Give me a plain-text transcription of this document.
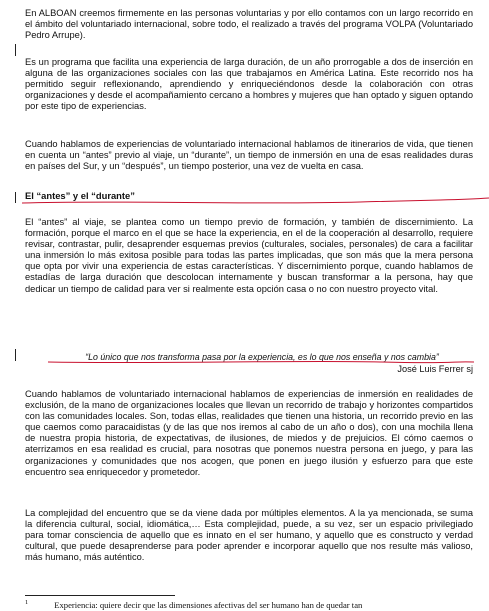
En ALBOAN creemos firmemente en las personas voluntarias y por ello contamos con un largo recorrido en el ámbito del voluntariado internacional, sobre todo, el realizado a través del programa VOLPA (Voluntariado Pedro Arrupe).

Es un programa que facilita una experiencia de larga duración, de un año prorrogable a dos de inserción en alguna de las organizaciones sociales con las que trabajamos en América Latina. Este recorrido nos ha permitido seguir reflexionando, aprendiendo y enriqueciéndonos desde la colaboración con otras organizaciones y desde el acompañamiento cercano a hombres y mujeres que han optado y siguen optando por este tipo de experiencias.

Cuando hablamos de experiencias de voluntariado internacional hablamos de itinerarios de vida, que tienen en cuenta un “antes” previo al viaje, un “durante”, un tiempo de inmersión en una de esas realidades duras en países del Sur, y un “después”, un tiempo posterior, una vez de vuelta en casa.

El “antes” y el “durante”

El “antes” al viaje, se plantea como un tiempo previo de formación, y también de discernimiento. La formación, porque el marco en el que se hace la experiencia, en el de la cooperación al desarrollo, requiere revisar, contrastar, pulir, desaprender esquemas previos (culturales, sociales, personales) de cara a facilitar una inmersión lo más exitosa posible para todas las partes implicadas, que son más que la mera persona que opta por vivir una experiencia de estas características. Y discernimiento porque, cuando hablamos de estadías de larga duración que descolocan internamente y buscan transformar a la persona, hay que dedicar un tiempo de calidad para ver si realmente esta opción casa o no con nuestro proyecto vital.

“Lo único que nos transforma pasa por la experiencia, es lo que nos enseña y nos cambia”

José Luis Ferrer sj

Cuando hablamos de voluntariado internacional hablamos de experiencias de inmersión en realidades de exclusión, de la mano de organizaciones locales que llevan un recorrido de trabajo y horizontes compartidos con las comunidades locales. Son, todas ellas, realidades que tienen una historia, un recorrido previo en las que caemos como paracaidistas (y de las que nos iremos al cabo de un año o dos), con una mochila llena de nuestra propia historia, de expectativas, de ilusiones, de miedos y de prejuicios. El cómo caemos o aterrizamos en esa realidad es crucial, para nosotras que ponemos nuestra persona en juego, y para las organizaciones y comunidades que nos acogen, que ponen en juego ilusión y esfuerzo para que este encuentro sea enriquecedor y prometedor.

La complejidad del encuentro que se da viene dada por múltiples elementos. A la ya mencionada, se suma la diferencia cultural, social, idiomática,… Esta complejidad, puede, a su vez, ser un espacio privilegiado para tomar consciencia de aquello que es innato en el ser humano, y aquello que es constructo y verdad cultural, que puede desaprenderse para poder aprender e incorporar aquello que nos resulte más valioso, más humano, más auténtico.

$^1$	Experiencia: quiere decir que las dimensiones afectivas del ser humano han de quedar tan
